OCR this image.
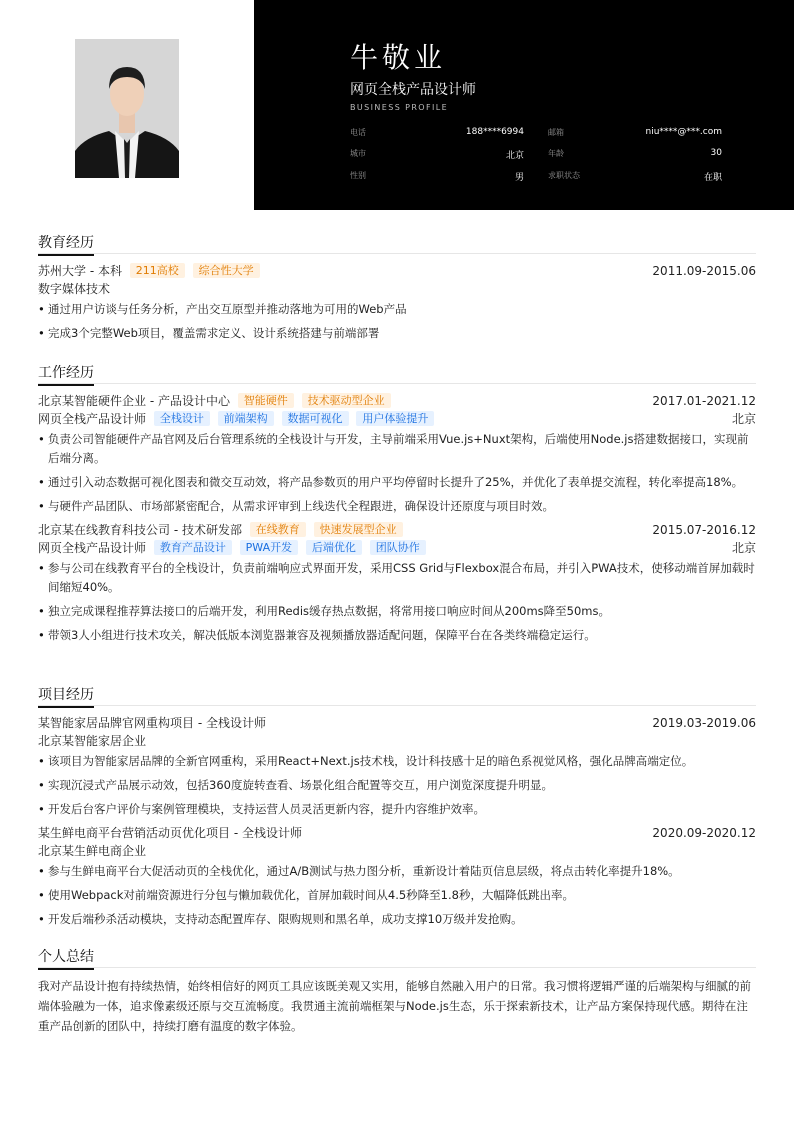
牛敬业
网页全栈产品设计师
BUSINESS PROFILE
电话	188****6994	邮箱	niu****@***.com
城市	北京	年龄	30
性别	男	求职状态	在职
教育经历
苏州大学 - 本科 211高校 综合性大学	2011.09-2015.06
数字媒体技术
• 通过用户访谈与任务分析，产出交互原型并推动落地为可用的Web产品
• 完成3个完整Web项目，覆盖需求定义、设计系统搭建与前端部署
工作经历
北京某智能硬件企业 - 产品设计中心 智能硬件 技术驱动型企业	2017.01-2021.12
网页全栈产品设计师 全栈设计 前端架构 数据可视化 用户体验提升	北京
• 负责公司智能硬件产品官网及后台管理系统的全栈设计与开发，主导前端采用Vue.js+Nuxt架构，后端使用Node.js搭建数据接口，实现前后端分离。
• 通过引入动态数据可视化图表和微交互动效，将产品参数页的用户平均停留时长提升了25%，并优化了表单提交流程，转化率提高18%。
• 与硬件产品团队、市场部紧密配合，从需求评审到上线迭代全程跟进，确保设计还原度与项目时效。
北京某在线教育科技公司 - 技术研发部 在线教育 快速发展型企业	2015.07-2016.12
网页全栈产品设计师 教育产品设计 PWA开发 后端优化 团队协作	北京
• 参与公司在线教育平台的全栈设计，负责前端响应式界面开发，采用CSS Grid与Flexbox混合布局，并引入PWA技术，使移动端首屏加载时间缩短40%。
• 独立完成课程推荐算法接口的后端开发，利用Redis缓存热点数据，将常用接口响应时间从200ms降至50ms。
• 带领3人小组进行技术攻关，解决低版本浏览器兼容及视频播放器适配问题，保障平台在各类终端稳定运行。
项目经历
某智能家居品牌官网重构项目 - 全栈设计师	2019.03-2019.06
北京某智能家居企业
• 该项目为智能家居品牌的全新官网重构，采用React+Next.js技术栈，设计科技感十足的暗色系视觉风格，强化品牌高端定位。
• 实现沉浸式产品展示动效，包括360度旋转查看、场景化组合配置等交互，用户浏览深度提升明显。
• 开发后台客户评价与案例管理模块，支持运营人员灵活更新内容，提升内容维护效率。
某生鲜电商平台营销活动页优化项目 - 全栈设计师	2020.09-2020.12
北京某生鲜电商企业
• 参与生鲜电商平台大促活动页的全栈优化，通过A/B测试与热力图分析，重新设计着陆页信息层级，将点击转化率提升18%。
• 使用Webpack对前端资源进行分包与懒加载优化，首屏加载时间从4.5秒降至1.8秒，大幅降低跳出率。
• 开发后端秒杀活动模块，支持动态配置库存、限购规则和黑名单，成功支撑10万级并发抢购。
个人总结

我对产品设计抱有持续热情，始终相信好的网页工具应该既美观又实用，能够自然融入用户的日常。我习惯将逻辑严谨的后端架构与细腻的前端体验融为一体，追求像素级还原与交互流畅度。我贯通主流前端框架与Node.js生态，乐于探索新技术，让产品方案保持现代感。期待在注重产品创新的团队中，持续打磨有温度的数字体验。
